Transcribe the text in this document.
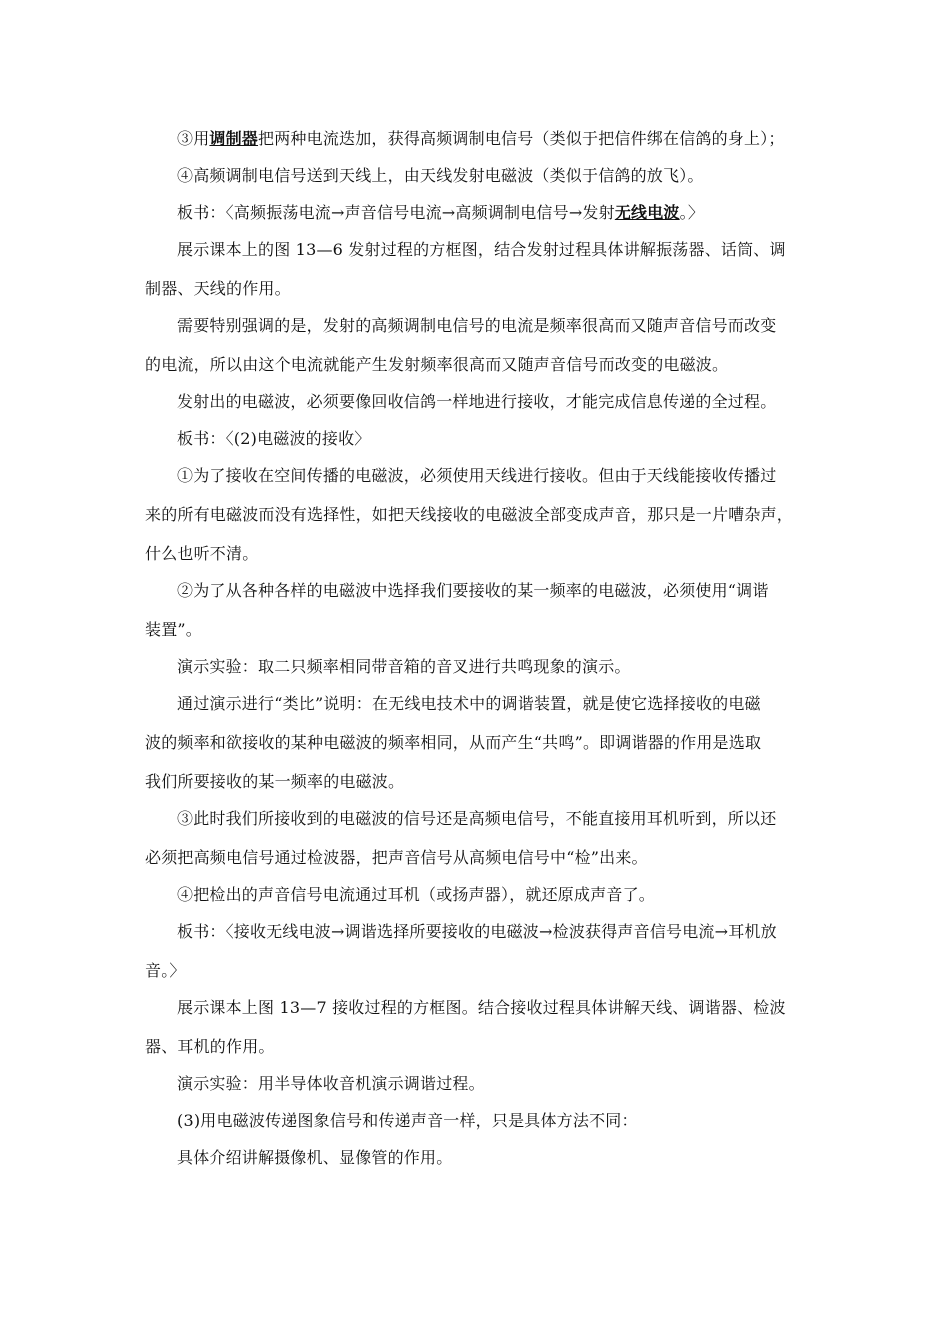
③用调制器把两种电流迭加，获得高频调制电信号（类似于把信件绑在信鸽的身上）；
④高频调制电信号送到天线上，由天线发射电磁波（类似于信鸽的放飞）。
板书：〈高频振荡电流→声音信号电流→高频调制电信号→发射无线电波。〉
展示课本上的图 13—6 发射过程的方框图，结合发射过程具体讲解振荡器、话筒、调
制器、天线的作用。
需要特别强调的是，发射的高频调制电信号的电流是频率很高而又随声音信号而改变
的电流，所以由这个电流就能产生发射频率很高而又随声音信号而改变的电磁波。
发射出的电磁波，必须要像回收信鸽一样地进行接收，才能完成信息传递的全过程。
板书：〈(2)电磁波的接收〉
①为了接收在空间传播的电磁波，必须使用天线进行接收。但由于天线能接收传播过
来的所有电磁波而没有选择性，如把天线接收的电磁波全部变成声音，那只是一片嘈杂声，
什么也听不清。
②为了从各种各样的电磁波中选择我们要接收的某一频率的电磁波，必须使用“调谐
装置”。
演示实验：取二只频率相同带音箱的音叉进行共鸣现象的演示。
通过演示进行“类比”说明：在无线电技术中的调谐装置，就是使它选择接收的电磁
波的频率和欲接收的某种电磁波的频率相同，从而产生“共鸣”。即调谐器的作用是选取
我们所要接收的某一频率的电磁波。
③此时我们所接收到的电磁波的信号还是高频电信号，不能直接用耳机听到，所以还
必须把高频电信号通过检波器，把声音信号从高频电信号中“检”出来。
④把检出的声音信号电流通过耳机（或扬声器），就还原成声音了。
板书：〈接收无线电波→调谐选择所要接收的电磁波→检波获得声音信号电流→耳机放
音。〉
展示课本上图 13—7 接收过程的方框图。结合接收过程具体讲解天线、调谐器、检波
器、耳机的作用。
演示实验：用半导体收音机演示调谐过程。
(3)用电磁波传递图象信号和传递声音一样，只是具体方法不同：
具体介绍讲解摄像机、显像管的作用。
